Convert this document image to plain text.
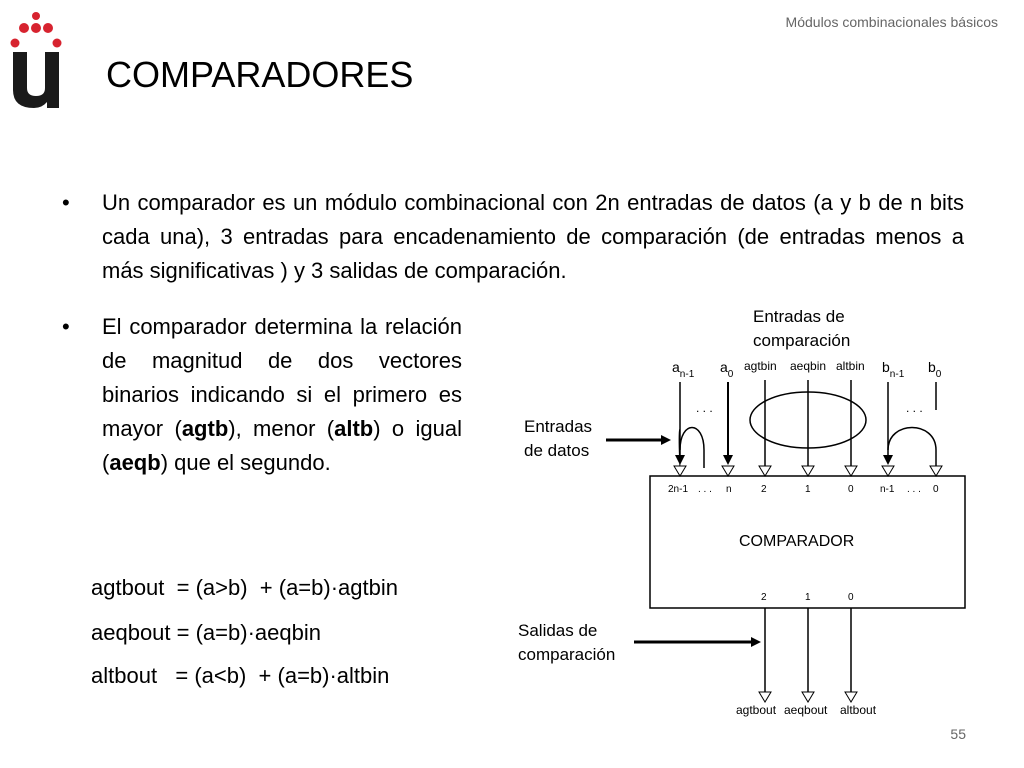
Módulos combinacionales básicos
COMPARADORES
•	Un comparador es un módulo combinacional con 2n entradas de datos (a y b de n bits cada una), 3 entradas para encadenamiento de comparación (de entradas menos a más significativas ) y 3 salidas de comparación.
•	El comparador determina la relación de magnitud de dos vectores binarios indicando si el primero es mayor (agtb), menor (altb) o igual (aeqb) que el segundo.
agtbout  = (a>b)  + (a=b)·agtbin
aeqbout = (a=b)·aeqbin
altbout   = (a<b)  + (a=b)·altbin
Entradas de
comparación
$a_{n-1}$ $a_0$
agtbin aeqbin altbin $b_{n-1}$ $b_0$
. . .	. . .
Entradas
de datos
2n-1 . . . n	2	1	0	n-1 . . . 0
COMPARADOR
2	1	0
Salidas de
comparación
agtbout aeqbout altbout
55
